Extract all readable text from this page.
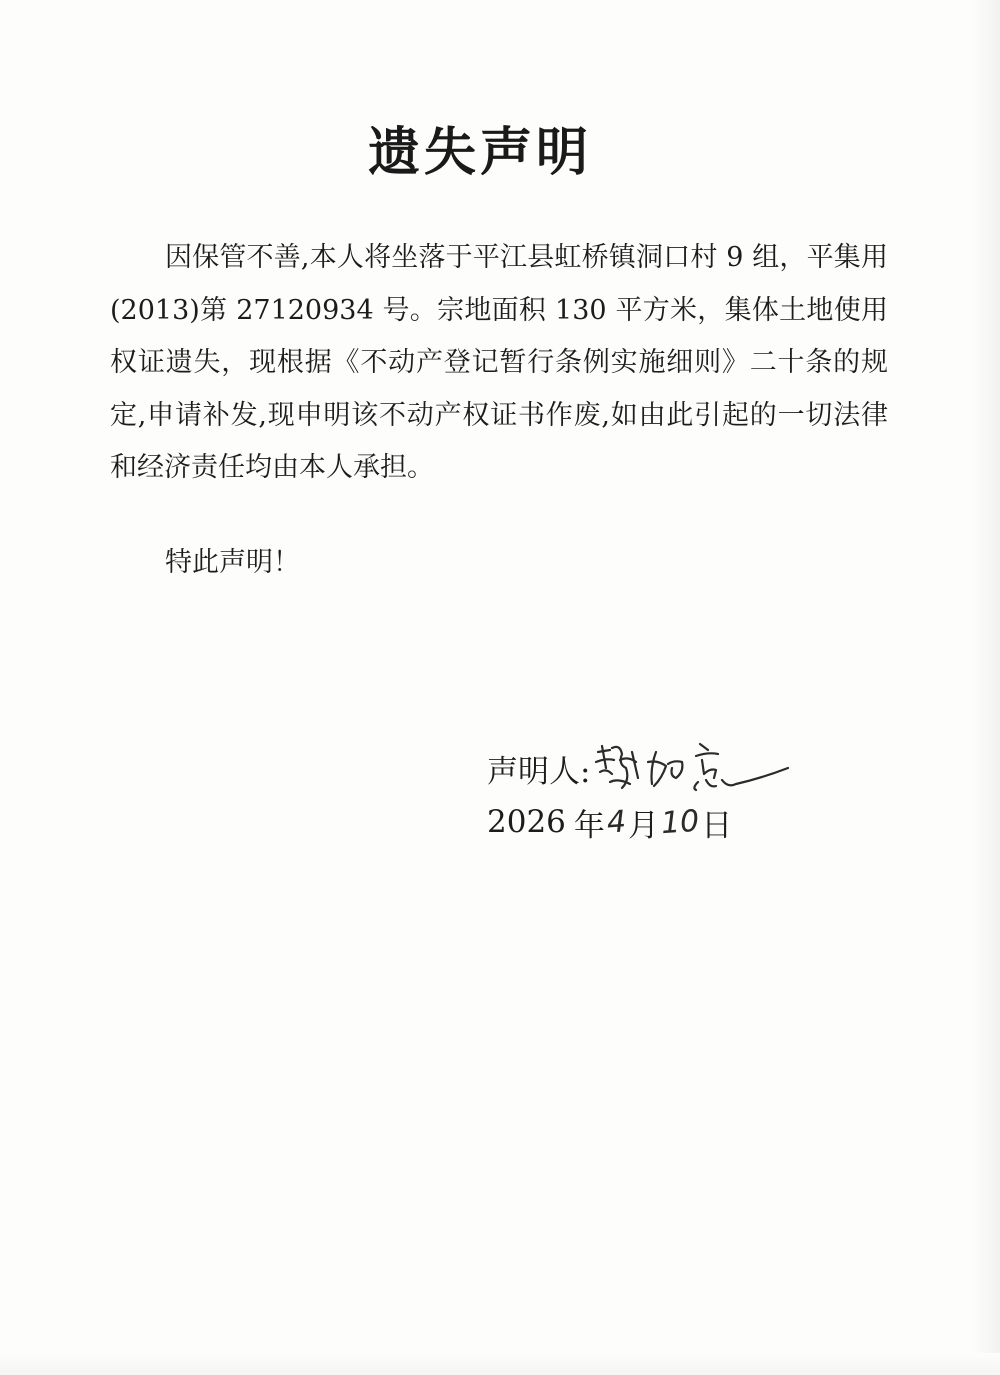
遗失声明

因保管不善,本人将坐落于平江县虹桥镇洞口村 9 组，平集用(2013)第 27120934 号。宗地面积 130 平方米，集体土地使用权证遗失，现根据《不动产登记暂行条例实施细则》二十条的规定,申请补发,现申明该不动产权证书作废,如由此引起的一切法律和经济责任均由本人承担。

特此声明！

声明人:
2026 年 4 月 10 日
